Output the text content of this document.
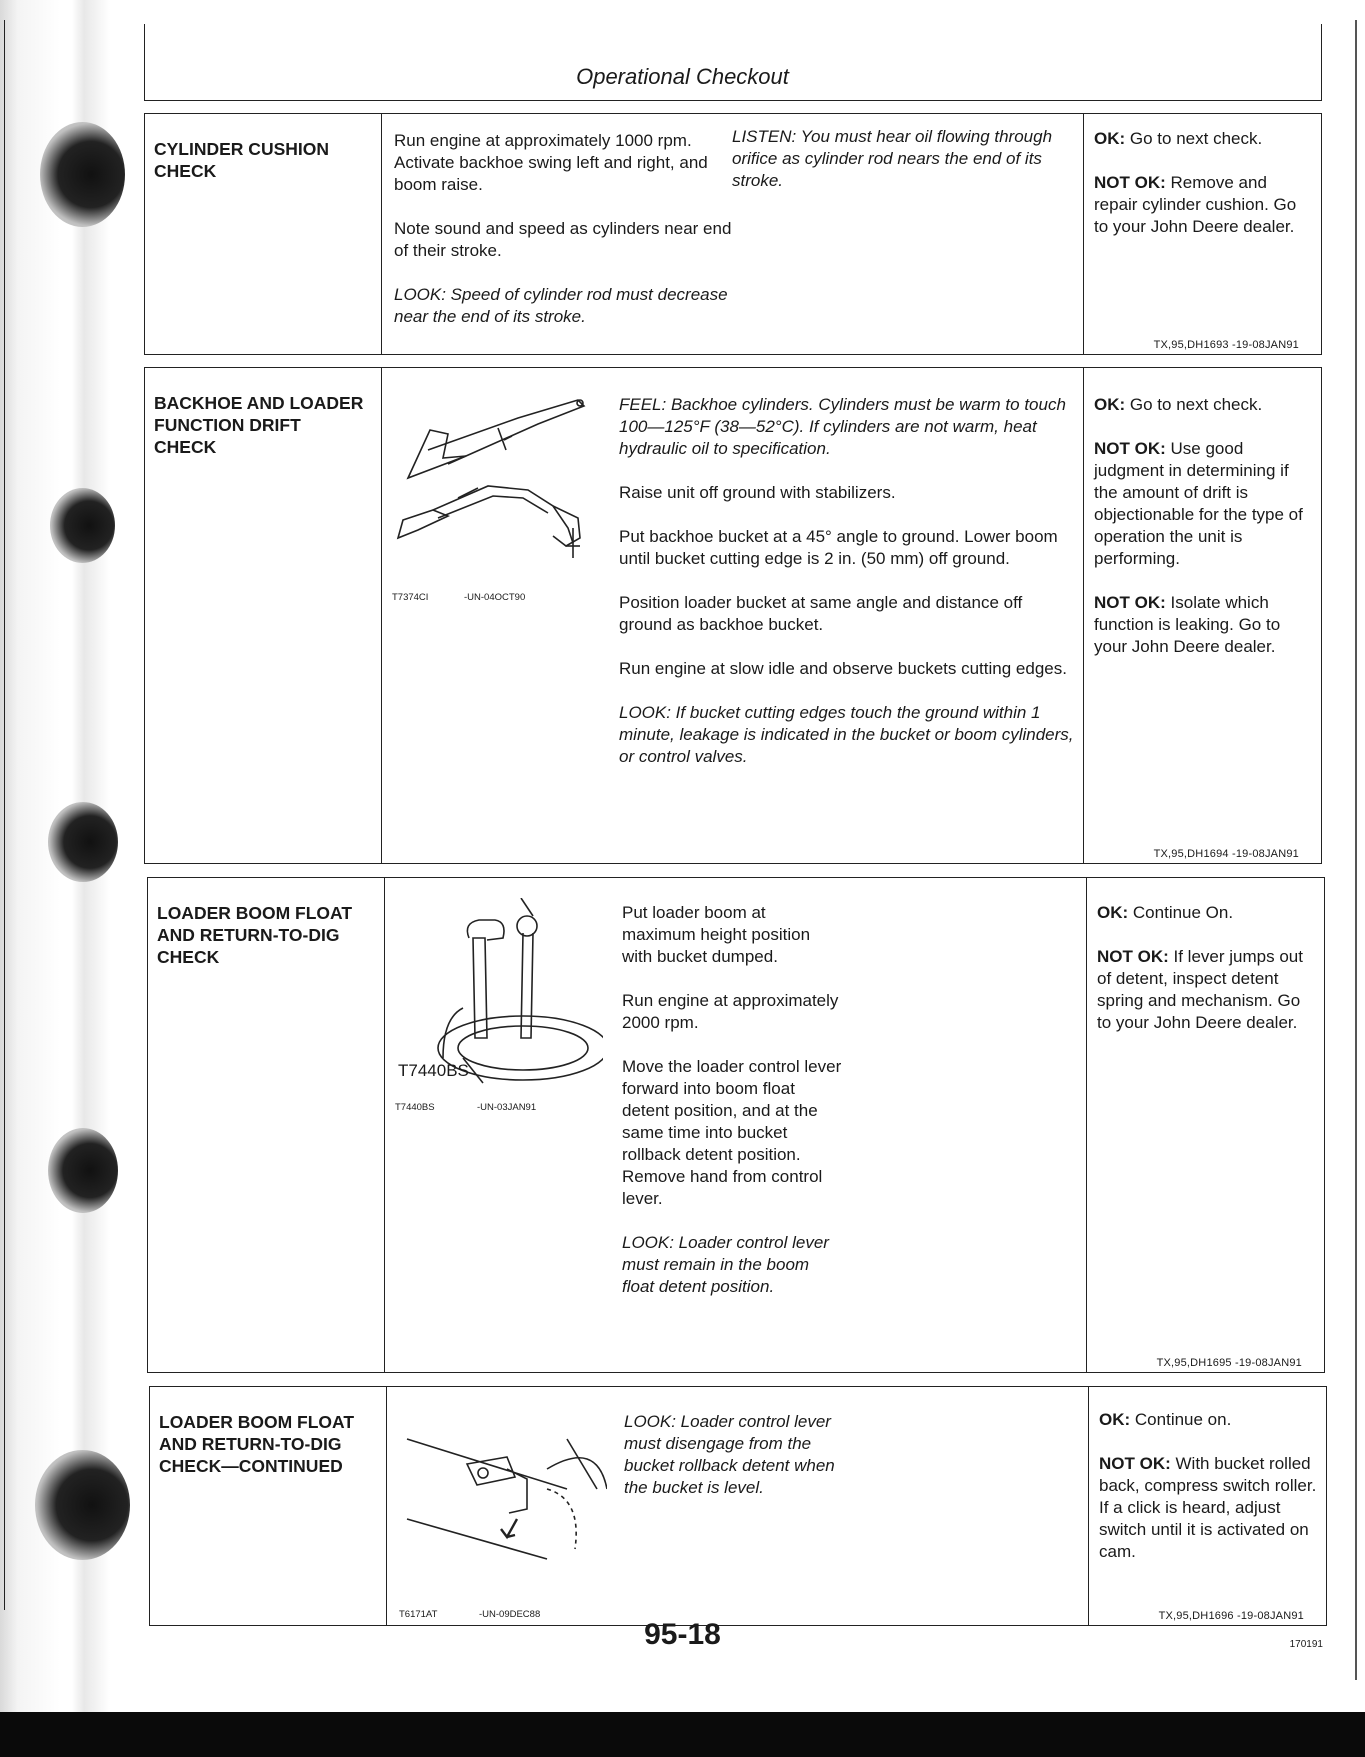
Operational Checkout
CYLINDER CUSHION CHECK

Run engine at approximately 1000 rpm. Activate backhoe swing left and right, and boom raise.

Note sound and speed as cylinders near end of their stroke.

LOOK: Speed of cylinder rod must decrease near the end of its stroke.

LISTEN: You must hear oil flowing through orifice as cylinder rod nears the end of its stroke.

OK: Go to next check.

NOT OK: Remove and repair cylinder cushion. Go to your John Deere dealer.

TX,95,DH1693 -19-08JAN91
BACKHOE AND LOADER FUNCTION DRIFT CHECK
T7374CI	-UN-04OCT90

FEEL: Backhoe cylinders. Cylinders must be warm to touch 100—125°F (38—52°C). If cylinders are not warm, heat hydraulic oil to specification.

Raise unit off ground with stabilizers.

Put backhoe bucket at a 45° angle to ground. Lower boom until bucket cutting edge is 2 in. (50 mm) off ground.

Position loader bucket at same angle and distance off ground as backhoe bucket.

Run engine at slow idle and observe buckets cutting edges.

LOOK: If bucket cutting edges touch the ground within 1 minute, leakage is indicated in the bucket or boom cylinders, or control valves.

OK: Go to next check.

NOT OK: Use good judgment in determining if the amount of drift is objectionable for the type of operation the unit is performing.

NOT OK: Isolate which function is leaking. Go to your John Deere dealer.

TX,95,DH1694 -19-08JAN91
LOADER BOOM FLOAT AND RETURN-TO-DIG CHECK
T7440BS
T7440BS	-UN-03JAN91

Put loader boom at maximum height position with bucket dumped.

Run engine at approximately 2000 rpm.

Move the loader control lever forward into boom float detent position, and at the same time into bucket rollback detent position. Remove hand from control lever.

LOOK: Loader control lever must remain in the boom float detent position.

OK: Continue On.

NOT OK: If lever jumps out of detent, inspect detent spring and mechanism. Go to your John Deere dealer.

TX,95,DH1695 -19-08JAN91
LOADER BOOM FLOAT AND RETURN-TO-DIG CHECK—CONTINUED
T6171AT	-UN-09DEC88

LOOK: Loader control lever must disengage from the bucket rollback detent when the bucket is level.

OK: Continue on.

NOT OK: With bucket rolled back, compress switch roller. If a click is heard, adjust switch until it is activated on cam.

TX,95,DH1696 -19-08JAN91
95-18	170191
